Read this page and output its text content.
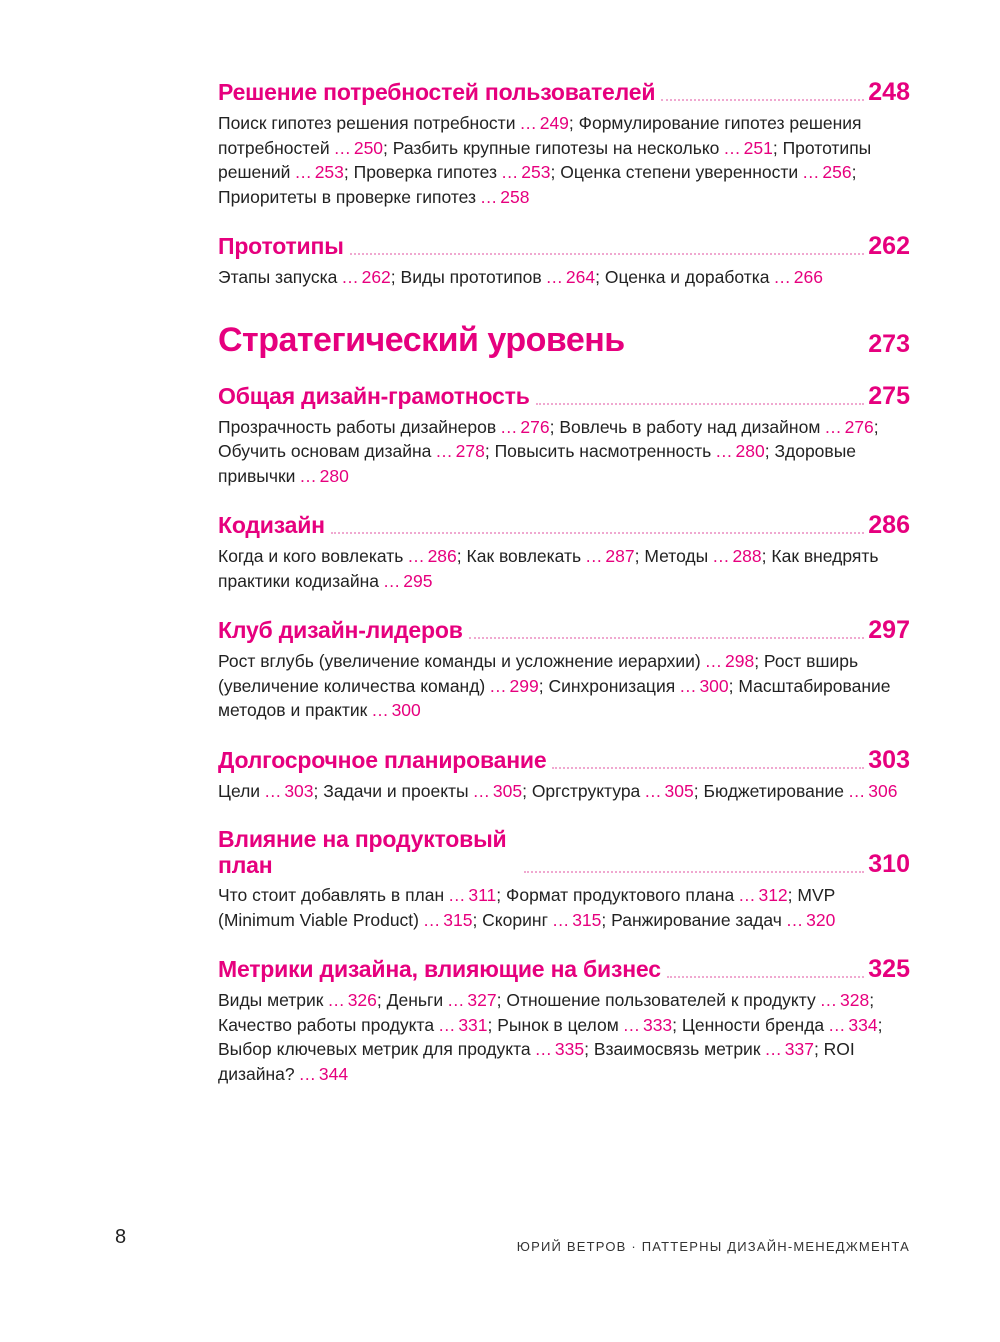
Решение потребностей пользователей	248
Поиск гипотез решения потребности … 249; Формулирование гипотез решения потребностей … 250; Разбить крупные гипотезы на несколько … 251; Прототипы решений … 253; Проверка гипотез … 253; Оценка степени уверенности … 256; Приоритеты в проверке гипотез … 258
Прототипы	262
Этапы запуска … 262; Виды прототипов … 264; Оценка и доработка … 266
Стратегический уровень	273
Общая дизайн-грамотность	275
Прозрачность работы дизайнеров … 276; Вовлечь в работу над дизайном … 276; Обучить основам дизайна … 278; Повысить насмотренность … 280; Здоровые привычки … 280
Кодизайн	286
Когда и кого вовлекать … 286; Как вовлекать … 287; Методы … 288; Как внедрять практики кодизайна … 295
Клуб дизайн-лидеров	297
Рост вглубь (увеличение команды и усложнение иерархии) … 298; Рост вширь (увеличение количества команд) … 299; Синхронизация … 300; Масштабирование методов и практик … 300
Долгосрочное планирование	303
Цели … 303; Задачи и проекты … 305; Оргструктура … 305; Бюджетирование … 306
Влияние на продуктовый план	310
Что стоит добавлять в план … 311; Формат продуктового плана … 312; MVP (Minimum Viable Product) … 315; Скоринг … 315; Ранжирование задач … 320
Метрики дизайна, влияющие на бизнес	325
Виды метрик … 326; Деньги … 327; Отношение пользователей к продукту … 328; Качество работы продукта … 331; Рынок в целом … 333; Ценности бренда … 334; Выбор ключевых метрик для продукта … 335; Взаимосвязь метрик … 337; ROI дизайна? … 344
8	ЮРИЙ ВЕТРОВ · ПАТТЕРНЫ ДИЗАЙН-МЕНЕДЖМЕНТА
